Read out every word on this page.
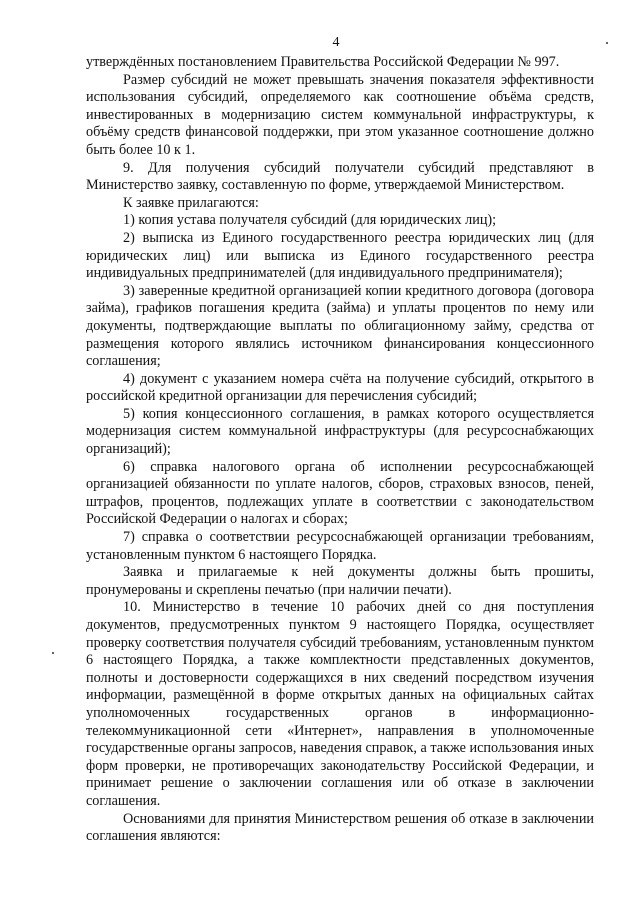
4

утверждённых постановлением Правительства Российской Федерации № 997.

Размер субсидий не может превышать значения показателя эффективности использования субсидий, определяемого как соотношение объёма средств, инвестированных в модернизацию систем коммунальной инфраструктуры, к объёму средств финансовой поддержки, при этом указанное соотношение должно быть более 10 к 1.

9. Для получения субсидий получатели субсидий представляют в Министерство заявку, составленную по форме, утверждаемой Министерством.

К заявке прилагаются:

1) копия устава получателя субсидий (для юридических лиц);

2) выписка из Единого государственного реестра юридических лиц (для юридических лиц) или выписка из Единого государственного реестра индивидуальных предпринимателей (для индивидуального предпринимателя);

3) заверенные кредитной организацией копии кредитного договора (договора займа), графиков погашения кредита (займа) и уплаты процентов по нему или документы, подтверждающие выплаты по облигационному займу, средства от размещения которого являлись источником финансирования концессионного соглашения;

4) документ с указанием номера счёта на получение субсидий, открытого в российской кредитной организации для перечисления субсидий;

5) копия концессионного соглашения, в рамках которого осуществляется модернизация систем коммунальной инфраструктуры (для ресурсоснабжающих организаций);

6) справка налогового органа об исполнении ресурсоснабжающей организацией обязанности по уплате налогов, сборов, страховых взносов, пеней, штрафов, процентов, подлежащих уплате в соответствии с законодательством Российской Федерации о налогах и сборах;

7) справка о соответствии ресурсоснабжающей организации требованиям, установленным пунктом 6 настоящего Порядка.

Заявка и прилагаемые к ней документы должны быть прошиты, пронумерованы и скреплены печатью (при наличии печати).

10. Министерство в течение 10 рабочих дней со дня поступления документов, предусмотренных пунктом 9 настоящего Порядка, осуществляет проверку соответствия получателя субсидий требованиям, установленным пунктом 6 настоящего Порядка, а также комплектности представленных документов, полноты и достоверности содержащихся в них сведений посредством изучения информации, размещённой в форме открытых данных на официальных сайтах уполномоченных государственных органов в информационно-телекоммуникационной сети «Интернет», направления в уполномоченные государственные органы запросов, наведения справок, а также использования иных форм проверки, не противоречащих законодательству Российской Федерации, и принимает решение о заключении соглашения или об отказе в заключении соглашения.

Основаниями для принятия Министерством решения об отказе в заключении соглашения являются:
